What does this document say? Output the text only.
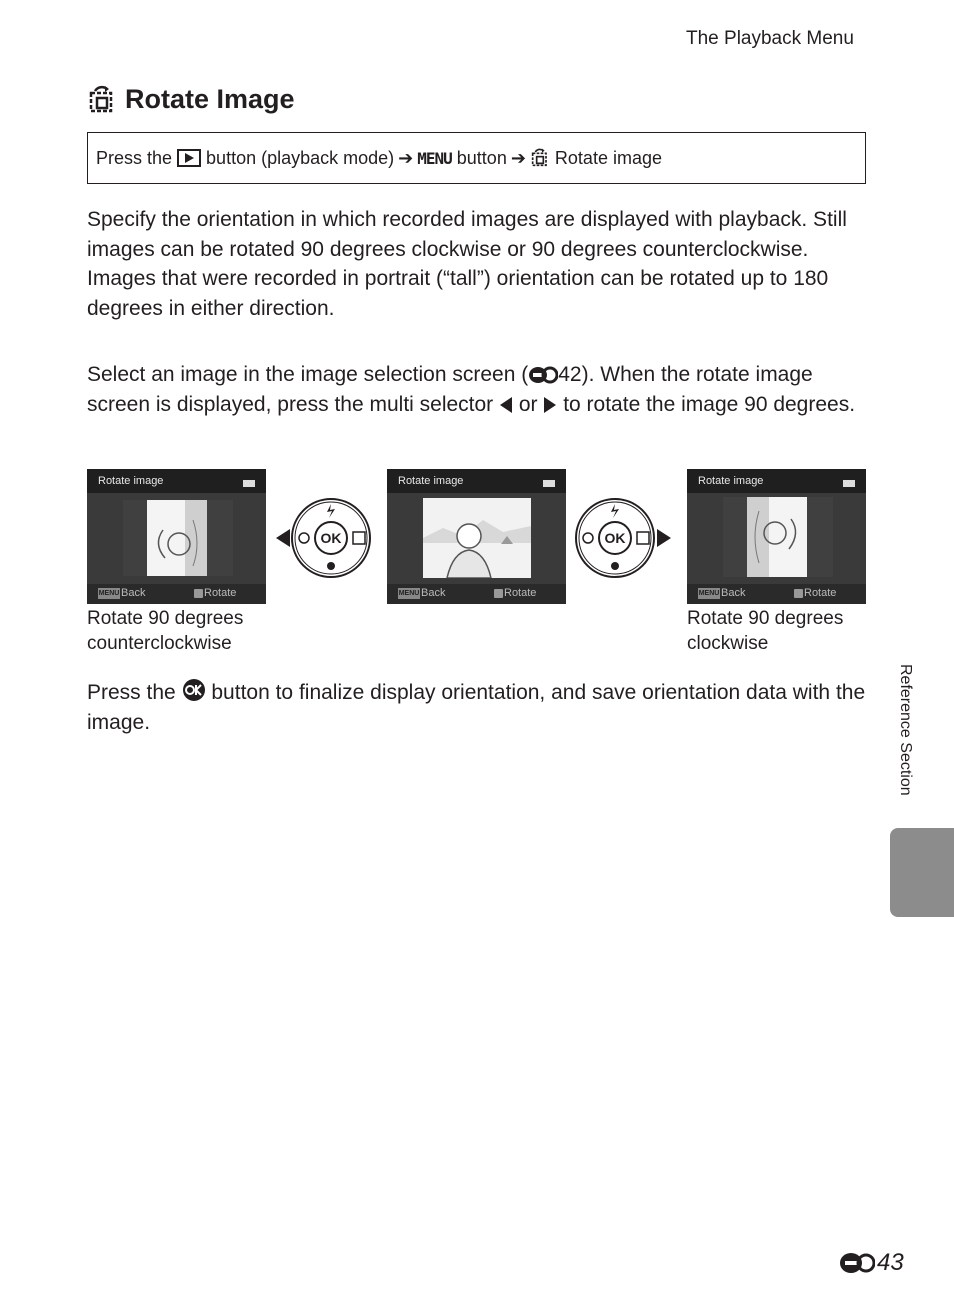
The Playback Menu
Rotate Image
Press the button (playback mode) ➔ MENU button ➔ Rotate image
Specify the orientation in which recorded images are displayed with playback. Still images can be rotated 90 degrees clockwise or 90 degrees counterclockwise. Images that were recorded in portrait (“tall”) orientation can be rotated up to 180 degrees in either direction.
Select an image in the image selection screen ( 42). When the rotate image screen is displayed, press the multi selector  or  to rotate the image 90 degrees.
Rotate image
MENU Back	Rotate
OK
Rotate image
MENU Back	Rotate
OK
Rotate image
MENU Back	Rotate
Rotate 90 degrees counterclockwise
Rotate 90 degrees clockwise
Press the  button to finalize display orientation, and save orientation data with the image.	Reference Section
43
